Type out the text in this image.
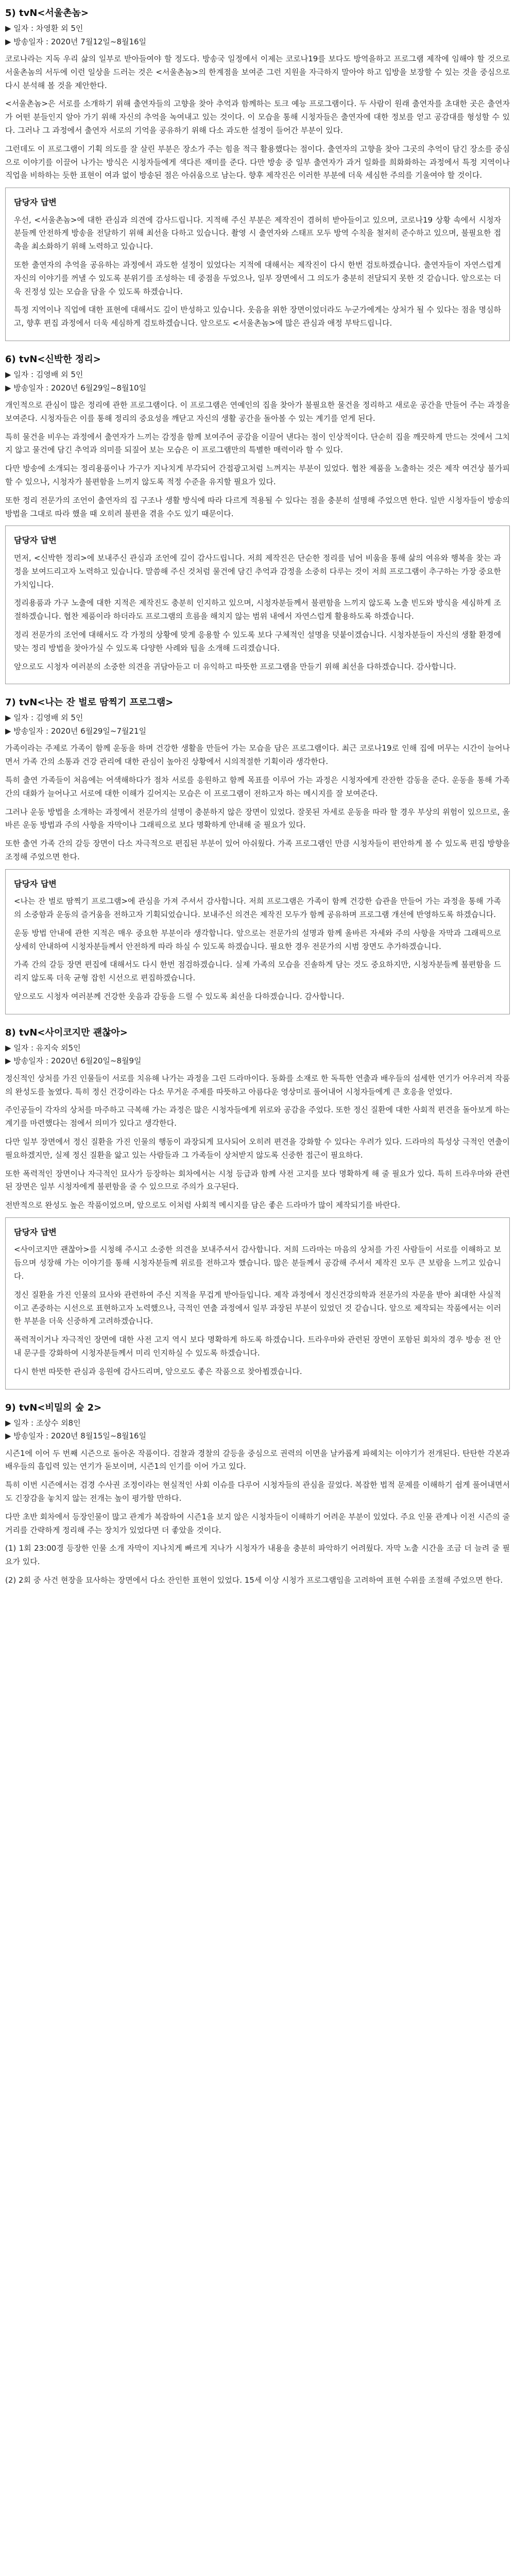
5) tvN<서울촌놈>
▶ 일자 : 차영환 외 5인
▶ 방송일자 : 2020년 7월12일~8월16일

코로나라는 지독 우리 삶의 일부로 받아들여야 할 정도다. 방송국 일정에서 이제는 코로나19를 보다도 방역을하고 프로그램 제작에 임해야 할 것으로 서울촌놈의 서두에 이런 일상을 드러는 것은 <서울촌놈>의 한계점을 보여준 그런 지원을 자극하지 말아야 하고 입방을 보장할 수 있는 것을 중심으로 다시 분석해 볼 것을 제안한다.

<서울촌놈>은 서로를 소개하기 위해 출연자들의 고향을 찾아 추억과 함께하는 토크 예능 프로그램이다. 두 사람이 원래 출연자를 초대한 곳은 출연자가 어떤 분들인지 알아 가기 위해 자신의 추억을 녹여내고 있는 것이다. 이 모습을 통해 시청자들은 출연자에 대한 정보를 얻고 공감대를 형성할 수 있다. 그러나 그 과정에서 출연자 서로의 기억을 공유하기 위해 다소 과도한 설정이 들어간 부분이 있다.

그런데도 이 프로그램이 기획 의도를 잘 살린 부분은 장소가 주는 힘을 적극 활용했다는 점이다. 출연자의 고향을 찾아 그곳의 추억이 담긴 장소를 중심으로 이야기를 이끌어 나가는 방식은 시청자들에게 색다른 재미를 준다. 다만 방송 중 일부 출연자가 과거 일화를 희화화하는 과정에서 특정 지역이나 직업을 비하하는 듯한 표현이 여과 없이 방송된 점은 아쉬움으로 남는다. 향후 제작진은 이러한 부분에 더욱 세심한 주의를 기울여야 할 것이다.

담당자 답변

우선, <서울촌놈>에 대한 관심과 의견에 감사드립니다. 지적해 주신 부분은 제작진이 겸허히 받아들이고 있으며, 코로나19 상황 속에서 시청자분들께 안전하게 방송을 전달하기 위해 최선을 다하고 있습니다. 촬영 시 출연자와 스태프 모두 방역 수칙을 철저히 준수하고 있으며, 불필요한 접촉을 최소화하기 위해 노력하고 있습니다.

또한 출연자의 추억을 공유하는 과정에서 과도한 설정이 있었다는 지적에 대해서는 제작진이 다시 한번 검토하겠습니다. 출연자들이 자연스럽게 자신의 이야기를 꺼낼 수 있도록 분위기를 조성하는 데 중점을 두었으나, 일부 장면에서 그 의도가 충분히 전달되지 못한 것 같습니다. 앞으로는 더욱 진정성 있는 모습을 담을 수 있도록 하겠습니다.

특정 지역이나 직업에 대한 표현에 대해서도 깊이 반성하고 있습니다. 웃음을 위한 장면이었더라도 누군가에게는 상처가 될 수 있다는 점을 명심하고, 향후 편집 과정에서 더욱 세심하게 검토하겠습니다. 앞으로도 <서울촌놈>에 많은 관심과 애정 부탁드립니다.

6) tvN<신박한 정리>
▶ 일자 : 김영배 외 5인
▶ 방송일자 : 2020년 6월29일~8월10일

개인적으로 관심이 많은 정리에 관한 프로그램이다. 이 프로그램은 연예인의 집을 찾아가 불필요한 물건을 정리하고 새로운 공간을 만들어 주는 과정을 보여준다. 시청자들은 이를 통해 정리의 중요성을 깨닫고 자신의 생활 공간을 돌아볼 수 있는 계기를 얻게 된다.

특히 물건을 비우는 과정에서 출연자가 느끼는 감정을 함께 보여주어 공감을 이끌어 낸다는 점이 인상적이다. 단순히 집을 깨끗하게 만드는 것에서 그치지 않고 물건에 담긴 추억과 의미를 되짚어 보는 모습은 이 프로그램만의 특별한 매력이라 할 수 있다.

다만 방송에 소개되는 정리용품이나 가구가 지나치게 부각되어 간접광고처럼 느껴지는 부분이 있었다. 협찬 제품을 노출하는 것은 제작 여건상 불가피할 수 있으나, 시청자가 불편함을 느끼지 않도록 적정 수준을 유지할 필요가 있다.

또한 정리 전문가의 조언이 출연자의 집 구조나 생활 방식에 따라 다르게 적용될 수 있다는 점을 충분히 설명해 주었으면 한다. 일반 시청자들이 방송의 방법을 그대로 따라 했을 때 오히려 불편을 겪을 수도 있기 때문이다.

담당자 답변

먼저, <신박한 정리>에 보내주신 관심과 조언에 깊이 감사드립니다. 저희 제작진은 단순한 정리를 넘어 비움을 통해 삶의 여유와 행복을 찾는 과정을 보여드리고자 노력하고 있습니다. 말씀해 주신 것처럼 물건에 담긴 추억과 감정을 소중히 다루는 것이 저희 프로그램이 추구하는 가장 중요한 가치입니다.

정리용품과 가구 노출에 대한 지적은 제작진도 충분히 인지하고 있으며, 시청자분들께서 불편함을 느끼지 않도록 노출 빈도와 방식을 세심하게 조절하겠습니다. 협찬 제품이라 하더라도 프로그램의 흐름을 해치지 않는 범위 내에서 자연스럽게 활용하도록 하겠습니다.

정리 전문가의 조언에 대해서도 각 가정의 상황에 맞게 응용할 수 있도록 보다 구체적인 설명을 덧붙이겠습니다. 시청자분들이 자신의 생활 환경에 맞는 정리 방법을 찾아가실 수 있도록 다양한 사례와 팁을 소개해 드리겠습니다.

앞으로도 시청자 여러분의 소중한 의견을 귀담아듣고 더 유익하고 따뜻한 프로그램을 만들기 위해 최선을 다하겠습니다. 감사합니다.

7) tvN<나는 잔 벌로 땀찍기 프로그램>
▶ 일자 : 김영배 외 5인
▶ 방송일자 : 2020년 6월29일~7월21일

가족이라는 주제로 가족이 함께 운동을 하며 건강한 생활을 만들어 가는 모습을 담은 프로그램이다. 최근 코로나19로 인해 집에 머무는 시간이 늘어나면서 가족 간의 소통과 건강 관리에 대한 관심이 높아진 상황에서 시의적절한 기획이라 생각한다.

특히 출연 가족들이 처음에는 어색해하다가 점차 서로를 응원하고 함께 목표를 이루어 가는 과정은 시청자에게 잔잔한 감동을 준다. 운동을 통해 가족 간의 대화가 늘어나고 서로에 대한 이해가 깊어지는 모습은 이 프로그램이 전하고자 하는 메시지를 잘 보여준다.

그러나 운동 방법을 소개하는 과정에서 전문가의 설명이 충분하지 않은 장면이 있었다. 잘못된 자세로 운동을 따라 할 경우 부상의 위험이 있으므로, 올바른 운동 방법과 주의 사항을 자막이나 그래픽으로 보다 명확하게 안내해 줄 필요가 있다.

또한 출연 가족 간의 갈등 장면이 다소 자극적으로 편집된 부분이 있어 아쉬웠다. 가족 프로그램인 만큼 시청자들이 편안하게 볼 수 있도록 편집 방향을 조정해 주었으면 한다.

담당자 답변

<나는 잔 벌로 땀찍기 프로그램>에 관심을 가져 주셔서 감사합니다. 저희 프로그램은 가족이 함께 건강한 습관을 만들어 가는 과정을 통해 가족의 소중함과 운동의 즐거움을 전하고자 기획되었습니다. 보내주신 의견은 제작진 모두가 함께 공유하며 프로그램 개선에 반영하도록 하겠습니다.

운동 방법 안내에 관한 지적은 매우 중요한 부분이라 생각합니다. 앞으로는 전문가의 설명과 함께 올바른 자세와 주의 사항을 자막과 그래픽으로 상세히 안내하여 시청자분들께서 안전하게 따라 하실 수 있도록 하겠습니다. 필요한 경우 전문가의 시범 장면도 추가하겠습니다.

가족 간의 갈등 장면 편집에 대해서도 다시 한번 점검하겠습니다. 실제 가족의 모습을 진솔하게 담는 것도 중요하지만, 시청자분들께 불편함을 드리지 않도록 더욱 균형 잡힌 시선으로 편집하겠습니다.

앞으로도 시청자 여러분께 건강한 웃음과 감동을 드릴 수 있도록 최선을 다하겠습니다. 감사합니다.

8) tvN<사이코지만 괜찮아>
▶ 일자 : 유지숙 외5인
▶ 방송일자 : 2020년 6월20일~8월9일

정신적인 상처를 가진 인물들이 서로를 치유해 나가는 과정을 그린 드라마이다. 동화를 소재로 한 독특한 연출과 배우들의 섬세한 연기가 어우러져 작품의 완성도를 높였다. 특히 정신 건강이라는 다소 무거운 주제를 따뜻하고 아름다운 영상미로 풀어내어 시청자들에게 큰 호응을 얻었다.

주인공들이 각자의 상처를 마주하고 극복해 가는 과정은 많은 시청자들에게 위로와 공감을 주었다. 또한 정신 질환에 대한 사회적 편견을 돌아보게 하는 계기를 마련했다는 점에서 의미가 있다고 생각한다.

다만 일부 장면에서 정신 질환을 가진 인물의 행동이 과장되게 묘사되어 오히려 편견을 강화할 수 있다는 우려가 있다. 드라마의 특성상 극적인 연출이 필요하겠지만, 실제 정신 질환을 앓고 있는 사람들과 그 가족들이 상처받지 않도록 신중한 접근이 필요하다.

또한 폭력적인 장면이나 자극적인 묘사가 등장하는 회차에서는 시청 등급과 함께 사전 고지를 보다 명확하게 해 줄 필요가 있다. 특히 트라우마와 관련된 장면은 일부 시청자에게 불편함을 줄 수 있으므로 주의가 요구된다.

전반적으로 완성도 높은 작품이었으며, 앞으로도 이처럼 사회적 메시지를 담은 좋은 드라마가 많이 제작되기를 바란다.

담당자 답변

<사이코지만 괜찮아>를 시청해 주시고 소중한 의견을 보내주셔서 감사합니다. 저희 드라마는 마음의 상처를 가진 사람들이 서로를 이해하고 보듬으며 성장해 가는 이야기를 통해 시청자분들께 위로를 전하고자 했습니다. 많은 분들께서 공감해 주셔서 제작진 모두 큰 보람을 느끼고 있습니다.

정신 질환을 가진 인물의 묘사와 관련하여 주신 지적을 무겁게 받아들입니다. 제작 과정에서 정신건강의학과 전문가의 자문을 받아 최대한 사실적이고 존중하는 시선으로 표현하고자 노력했으나, 극적인 연출 과정에서 일부 과장된 부분이 있었던 것 같습니다. 앞으로 제작되는 작품에서는 이러한 부분을 더욱 신중하게 고려하겠습니다.

폭력적이거나 자극적인 장면에 대한 사전 고지 역시 보다 명확하게 하도록 하겠습니다. 트라우마와 관련된 장면이 포함된 회차의 경우 방송 전 안내 문구를 강화하여 시청자분들께서 미리 인지하실 수 있도록 하겠습니다.

다시 한번 따뜻한 관심과 응원에 감사드리며, 앞으로도 좋은 작품으로 찾아뵙겠습니다.

9) tvN<비밀의 숲 2>
▶ 일자 : 조상수 외8인
▶ 방송일자 : 2020년 8월15일~8월16일

시즌1에 이어 두 번째 시즌으로 돌아온 작품이다. 검찰과 경찰의 갈등을 중심으로 권력의 이면을 날카롭게 파헤치는 이야기가 전개된다. 탄탄한 각본과 배우들의 흡입력 있는 연기가 돋보이며, 시즌1의 인기를 이어 가고 있다.

특히 이번 시즌에서는 검경 수사권 조정이라는 현실적인 사회 이슈를 다루어 시청자들의 관심을 끌었다. 복잡한 법적 문제를 이해하기 쉽게 풀어내면서도 긴장감을 놓치지 않는 전개는 높이 평가할 만하다.

다만 초반 회차에서 등장인물이 많고 관계가 복잡하여 시즌1을 보지 않은 시청자들이 이해하기 어려운 부분이 있었다. 주요 인물 관계나 이전 시즌의 줄거리를 간략하게 정리해 주는 장치가 있었다면 더 좋았을 것이다.

(1) 1회 23:00경 등장한 인물 소개 자막이 지나치게 빠르게 지나가 시청자가 내용을 충분히 파악하기 어려웠다. 자막 노출 시간을 조금 더 늘려 줄 필요가 있다.

(2) 2회 중 사건 현장을 묘사하는 장면에서 다소 잔인한 표현이 있었다. 15세 이상 시청가 프로그램임을 고려하여 표현 수위를 조절해 주었으면 한다.
